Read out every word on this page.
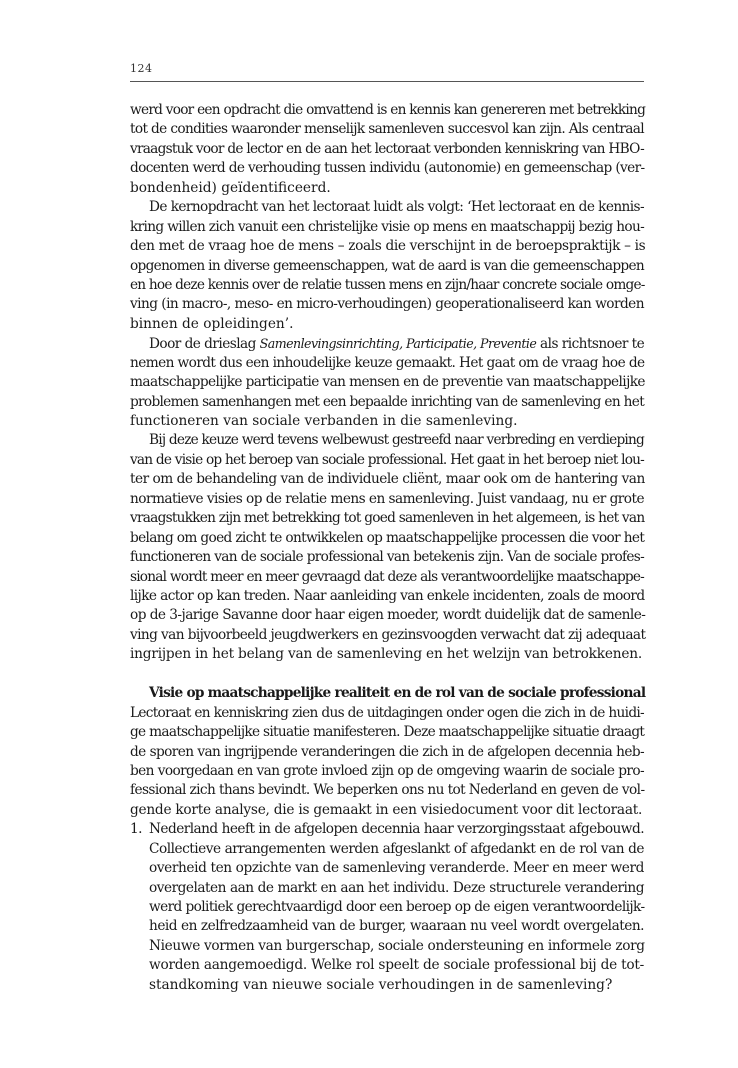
124
werd voor een opdracht die omvattend is en kennis kan genereren met betrekking
tot de condities waaronder menselijk samenleven succesvol kan zijn. Als centraal
vraagstuk voor de lector en de aan het lectoraat verbonden kenniskring van HBO-
docenten werd de verhouding tussen individu (autonomie) en gemeenschap (ver-
bondenheid) geïdentificeerd.
De kernopdracht van het lectoraat luidt als volgt: ‘Het lectoraat en de kennis-
kring willen zich vanuit een christelijke visie op mens en maatschappij bezig hou-
den met de vraag hoe de mens – zoals die verschijnt in de beroepspraktijk – is
opgenomen in diverse gemeenschappen, wat de aard is van die gemeenschappen
en hoe deze kennis over de relatie tussen mens en zijn/haar concrete sociale omge-
ving (in macro-, meso- en micro-verhoudingen) geoperationaliseerd kan worden
binnen de opleidingen’.
Door de drieslag Samenlevingsinrichting, Participatie, Preventie als richtsnoer te
nemen wordt dus een inhoudelijke keuze gemaakt. Het gaat om de vraag hoe de
maatschappelijke participatie van mensen en de preventie van maatschappelijke
problemen samenhangen met een bepaalde inrichting van de samenleving en het
functioneren van sociale verbanden in die samenleving.
Bij deze keuze werd tevens welbewust gestreefd naar verbreding en verdieping
van de visie op het beroep van sociale professional. Het gaat in het beroep niet lou-
ter om de behandeling van de individuele cliënt, maar ook om de hantering van
normatieve visies op de relatie mens en samenleving. Juist vandaag, nu er grote
vraagstukken zijn met betrekking tot goed samenleven in het algemeen, is het van
belang om goed zicht te ontwikkelen op maatschappelijke processen die voor het
functioneren van de sociale professional van betekenis zijn. Van de sociale profes-
sional wordt meer en meer gevraagd dat deze als verantwoordelijke maatschappe-
lijke actor op kan treden. Naar aanleiding van enkele incidenten, zoals de moord
op de 3-jarige Savanne door haar eigen moeder, wordt duidelijk dat de samenle-
ving van bijvoorbeeld jeugdwerkers en gezinsvoogden verwacht dat zij adequaat
ingrijpen in het belang van de samenleving en het welzijn van betrokkenen.
Visie op maatschappelijke realiteit en de rol van de sociale professional
Lectoraat en kenniskring zien dus de uitdagingen onder ogen die zich in de huidi-
ge maatschappelijke situatie manifesteren. Deze maatschappelijke situatie draagt
de sporen van ingrijpende veranderingen die zich in de afgelopen decennia heb-
ben voorgedaan en van grote invloed zijn op de omgeving waarin de sociale pro-
fessional zich thans bevindt. We beperken ons nu tot Nederland en geven de vol-
gende korte analyse, die is gemaakt in een visiedocument voor dit lectoraat.
1. Nederland heeft in de afgelopen decennia haar verzorgingsstaat afgebouwd.
Collectieve arrangementen werden afgeslankt of afgedankt en de rol van de
overheid ten opzichte van de samenleving veranderde. Meer en meer werd
overgelaten aan de markt en aan het individu. Deze structurele verandering
werd politiek gerechtvaardigd door een beroep op de eigen verantwoordelijk-
heid en zelfredzaamheid van de burger, waaraan nu veel wordt overgelaten.
Nieuwe vormen van burgerschap, sociale ondersteuning en informele zorg
worden aangemoedigd. Welke rol speelt de sociale professional bij de tot-
standkoming van nieuwe sociale verhoudingen in de samenleving?
